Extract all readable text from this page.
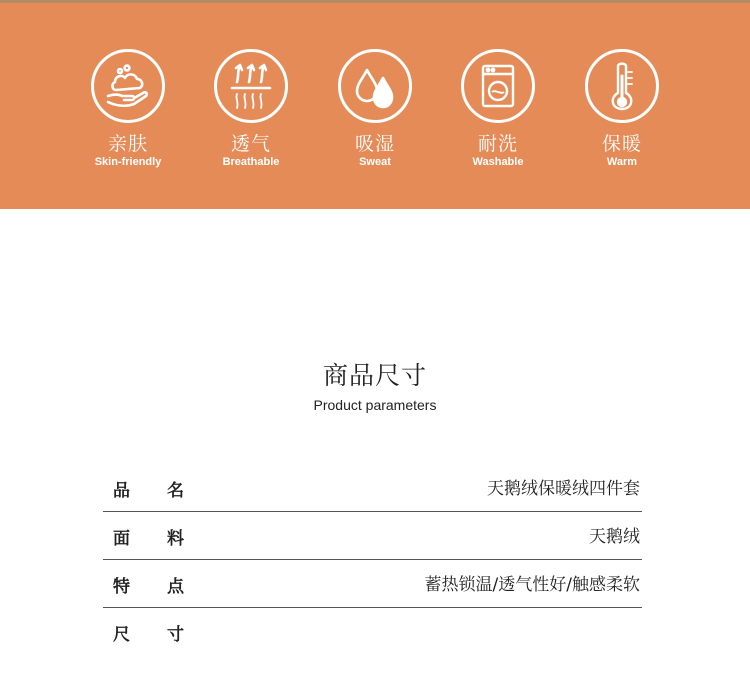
亲肤
Skin-friendly
透气
Breathable
吸湿
Sweat
耐洗
Washable
保暖
Warm
商品尺寸
Product parameters
品 名	天鹅绒保暖绒四件套
面 料	天鹅绒
特 点	蓄热锁温/透气性好/触感柔软
尺 寸
